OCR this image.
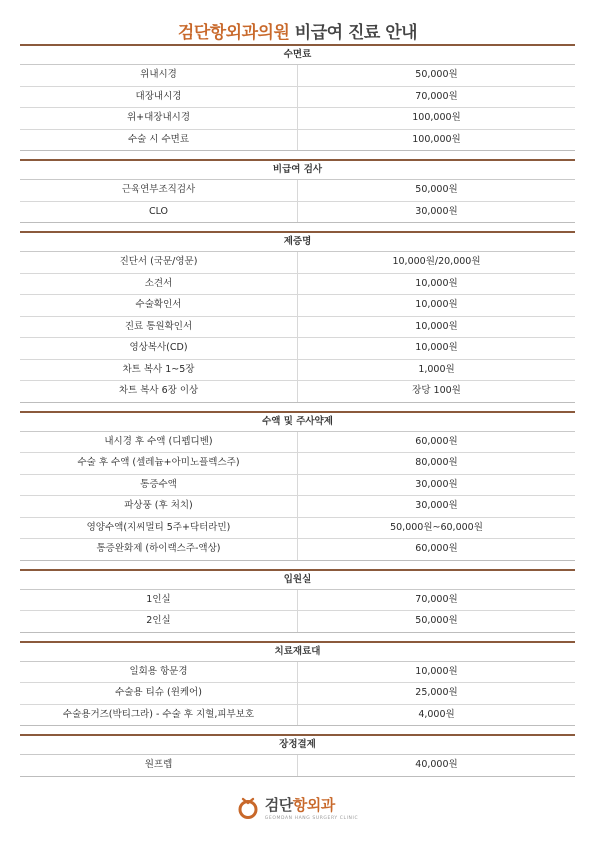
검단항외과의원 비급여 진료 안내
수면료
위내시경	50,000원
대장내시경	70,000원
위+대장내시경	100,000원
수술 시 수면료	100,000원
비급여 검사
근육연부조직검사	50,000원
CLO	30,000원
제증명
진단서 (국문/영문)	10,000원/20,000원
소견서	10,000원
수술확인서	10,000원
진료 통원확인서	10,000원
영상복사(CD)	10,000원
차트 복사 1~5장	1,000원
차트 복사 6장 이상	장당 100원
수액 및 주사약제
내시경 후 수액 (디펩디벤)	60,000원
수술 후 수액 (셀레늄+아미노플렉스주)	80,000원
통증수액	30,000원
파상풍 (후 처치)	30,000원
영양수액(지씨멀티 5주+닥터라민)	50,000원~60,000원
통증완화제 (하이랙스주-액상)	60,000원
입원실
1인실	70,000원
2인실	50,000원
치료재료대
일회용 항문경	10,000원
수술용 티슈 (윈케어)	25,000원
수술용거즈(박티그라) - 수술 후 지혈,피부보호	4,000원
장정결제
원프렙	40,000원
검단항외과
GEOMDAN HANG SURGERY CLINIC
